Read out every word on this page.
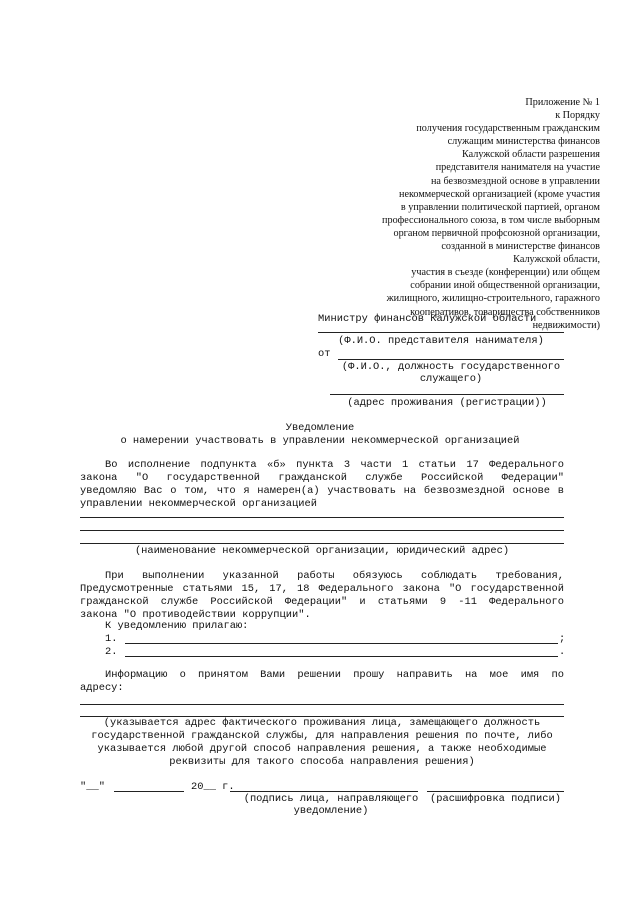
Приложение № 1
к Порядку
получения государственным гражданским
служащим министерства финансов
Калужской области разрешения
представителя нанимателя на участие
на безвозмездной основе в управлении
некоммерческой организацией (кроме участия
в управлении политической партией, органом
профессионального союза, в том числе выборным
органом первичной профсоюзной организации,
созданной в министерстве финансов
Калужской области,
участия в съезде (конференции) или общем
собрании иной общественной организации,
жилищного, жилищно-строительного, гаражного
кооперативов, товарищества собственников
недвижимости)
Министру финансов Калужской области
(Ф.И.О. представителя нанимателя)
от
(Ф.И.О., должность государственного
служащего)
(адрес проживания (регистрации))
Уведомление
о намерении участвовать в управлении некоммерческой организацией
Во исполнение подпункта «б» пункта 3 части 1 статьи 17 Федерального
закона "О государственной гражданской службе Российской Федерации"
уведомляю Вас о том, что я намерен(а) участвовать на безвозмездной основе в
управлении некоммерческой организацией
(наименование некоммерческой организации, юридический адрес)
При выполнении указанной работы обязуюсь соблюдать требования,
Предусмотренные статьями 15, 17, 18 Федерального закона "О государственной
гражданской службе Российской Федерации" и статьями 9 -11 Федерального
закона "О противодействии коррупции".
К уведомлению прилагаю:
1.	;
2.	.
Информацию о принятом Вами решении прошу направить на мое имя по
адресу:
(указывается адрес фактического проживания лица, замещающего должность
государственной гражданской службы, для направления решения по почте, либо
указывается любой другой способ направления решения, а также необходимые
реквизиты для такого способа направления решения)
"__"	20__ г.
(подпись лица, направляющего
уведомление)
(расшифровка подписи)
